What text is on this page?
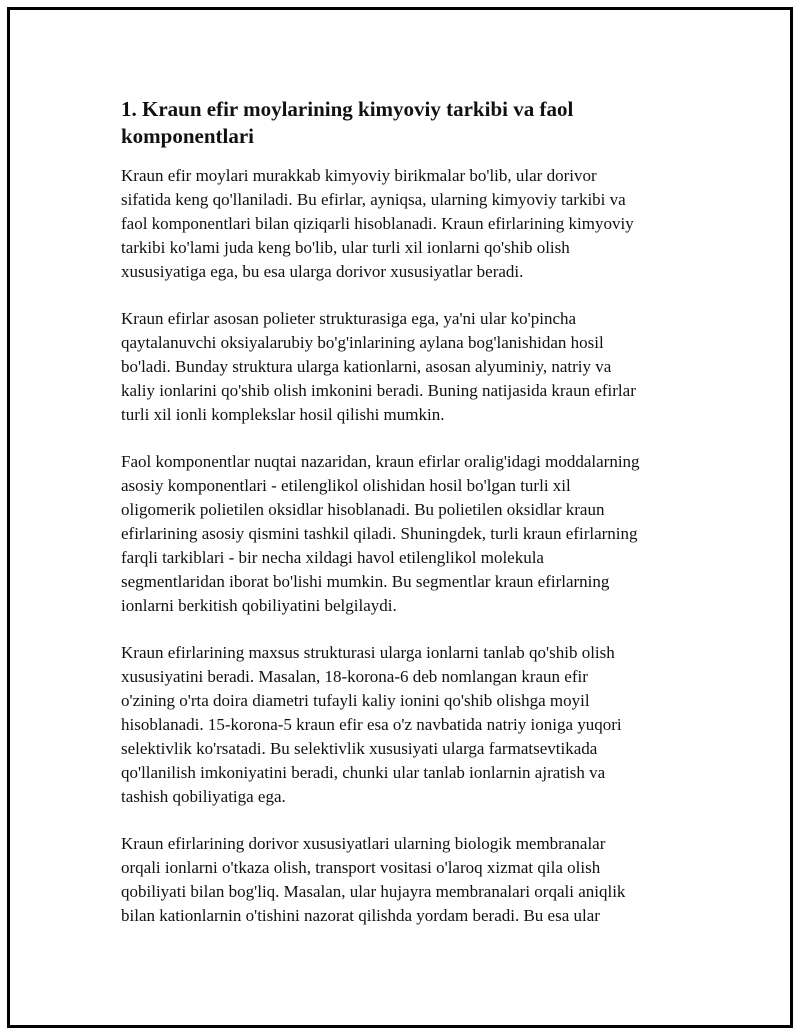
1. Kraun efir moylarining kimyoviy tarkibi va faol
komponentlari

Kraun efir moylari murakkab kimyoviy birikmalar bo'lib, ular dorivor
sifatida keng qo'llaniladi. Bu efirlar, ayniqsa, ularning kimyoviy tarkibi va
faol komponentlari bilan qiziqarli hisoblanadi. Kraun efirlarining kimyoviy
tarkibi ko'lami juda keng bo'lib, ular turli xil ionlarni qo'shib olish
xususiyatiga ega, bu esa ularga dorivor xususiyatlar beradi.

Kraun efirlar asosan polieter strukturasiga ega, ya'ni ular ko'pincha
qaytalanuvchi oksiyalarubiy bo'g'inlarining aylana bog'lanishidan hosil
bo'ladi. Bunday struktura ularga kationlarni, asosan alyuminiy, natriy va
kaliy ionlarini qo'shib olish imkonini beradi. Buning natijasida kraun efirlar
turli xil ionli komplekslar hosil qilishi mumkin.

Faol komponentlar nuqtai nazaridan, kraun efirlar oralig'idagi moddalarning
asosiy komponentlari - etilenglikol olishidan hosil bo'lgan turli xil
oligomerik polietilen oksidlar hisoblanadi. Bu polietilen oksidlar kraun
efirlarining asosiy qismini tashkil qiladi. Shuningdek, turli kraun efirlarning
farqli tarkiblari - bir necha xildagi havol etilenglikol molekula
segmentlaridan iborat bo'lishi mumkin. Bu segmentlar kraun efirlarning
ionlarni berkitish qobiliyatini belgilaydi.

Kraun efirlarining maxsus strukturasi ularga ionlarni tanlab qo'shib olish
xususiyatini beradi. Masalan, 18-korona-6 deb nomlangan kraun efir
o'zining o'rta doira diametri tufayli kaliy ionini qo'shib olishga moyil
hisoblanadi. 15-korona-5 kraun efir esa o'z navbatida natriy ioniga yuqori
selektivlik ko'rsatadi. Bu selektivlik xususiyati ularga farmatsevtikada
qo'llanilish imkoniyatini beradi, chunki ular tanlab ionlarnin ajratish va
tashish qobiliyatiga ega.

Kraun efirlarining dorivor xususiyatlari ularning biologik membranalar
orqali ionlarni o'tkaza olish, transport vositasi o'laroq xizmat qila olish
qobiliyati bilan bog'liq. Masalan, ular hujayra membranalari orqali aniqlik
bilan kationlarnin o'tishini nazorat qilishda yordam beradi. Bu esa ular
